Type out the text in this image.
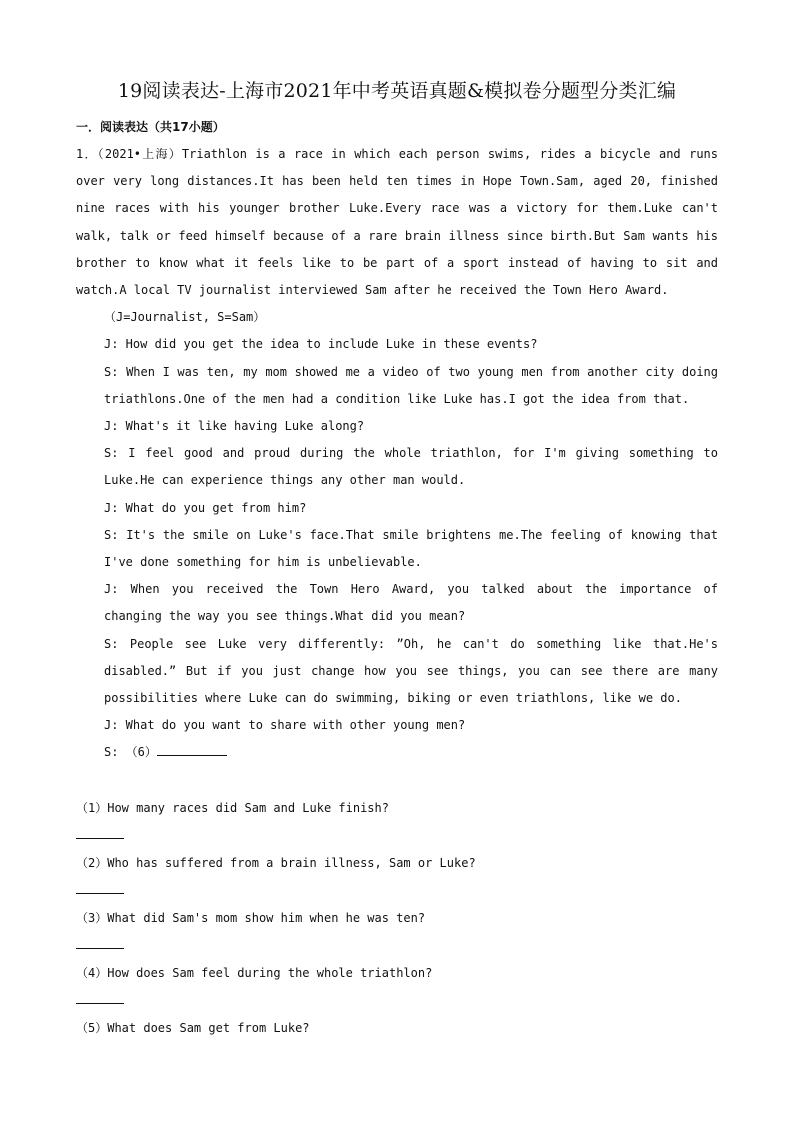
19阅读表达-上海市2021年中考英语真题&模拟卷分题型分类汇编
一．阅读表达（共17小题）

1．（2021•上海）Triathlon is a race in which each person swims, rides a bicycle and runs over very long distances.It has been held ten times in Hope Town.Sam, aged 20, finished nine races with his younger brother Luke.Every race was a victory for them.Luke can't walk, talk or feed himself because of a rare brain illness since birth.But Sam wants his brother to know what it feels like to be part of a sport instead of having to sit and watch.A local TV journalist interviewed Sam after he received the Town Hero Award.

（J=Journalist, S=Sam）

J: How did you get the idea to include Luke in these events?

S: When I was ten, my mom showed me a video of two young men from another city doing triathlons.One of the men had a condition like Luke has.I got the idea from that.

J: What's it like having Luke along?

S: I feel good and proud during the whole triathlon, for I'm giving something to Luke.He can experience things any other man would.

J: What do you get from him?

S: It's the smile on Luke's face.That smile brightens me.The feeling of knowing that I've done something for him is unbelievable.

J: When you received the Town Hero Award, you talked about the importance of changing the way you see things.What did you mean?

S: People see Luke very differently: ”Oh, he can't do something like that.He's disabled.” But if you just change how you see things, you can see there are many possibilities where Luke can do swimming, biking or even triathlons, like we do.

J: What do you want to share with other young men?

S: （6）

（1）How many races did Sam and Luke finish?
（2）Who has suffered from a brain illness, Sam or Luke?
（3）What did Sam's mom show him when he was ten?
（4）How does Sam feel during the whole triathlon?
（5）What does Sam get from Luke?
